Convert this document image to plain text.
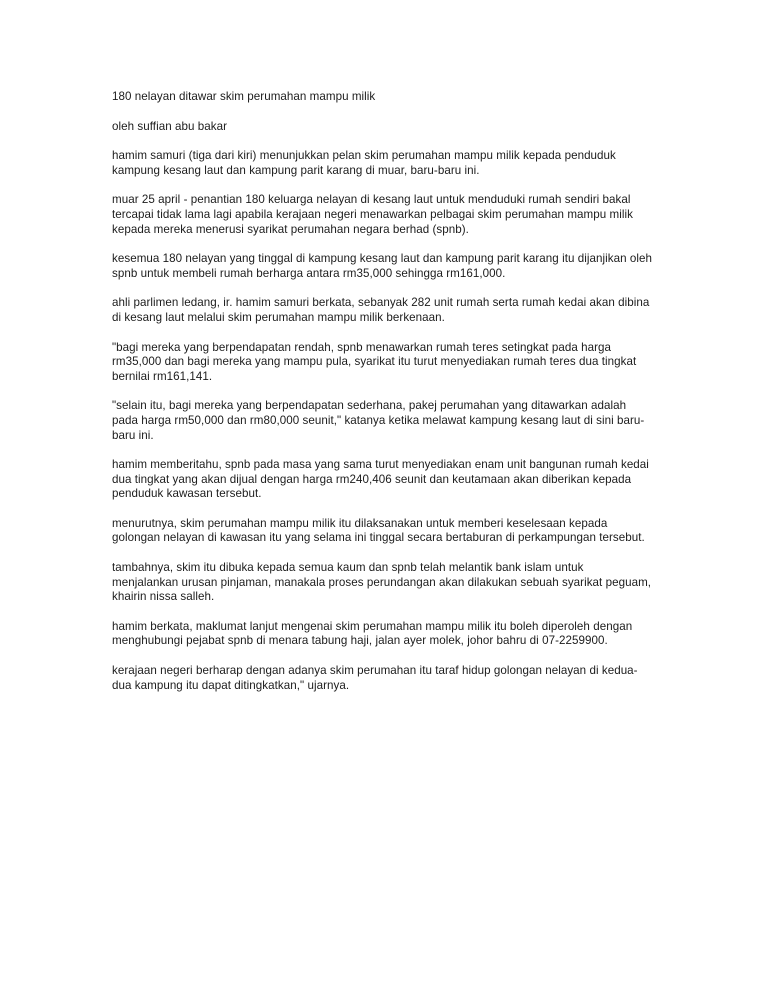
180 nelayan ditawar skim perumahan mampu milik

oleh suffian abu bakar

hamim samuri (tiga dari kiri) menunjukkan pelan skim perumahan mampu milik kepada penduduk kampung kesang laut dan kampung parit karang di muar, baru-baru ini.

muar 25 april - penantian 180 keluarga nelayan di kesang laut untuk menduduki rumah sendiri bakal tercapai tidak lama lagi apabila kerajaan negeri menawarkan pelbagai skim perumahan mampu milik kepada mereka menerusi syarikat perumahan negara berhad (spnb).

kesemua 180 nelayan yang tinggal di kampung kesang laut dan kampung parit karang itu dijanjikan oleh spnb untuk membeli rumah berharga antara rm35,000 sehingga rm161,000.

ahli parlimen ledang, ir. hamim samuri berkata, sebanyak 282 unit rumah serta rumah kedai akan dibina di kesang laut melalui skim perumahan mampu milik berkenaan.

"bagi mereka yang berpendapatan rendah, spnb menawarkan rumah teres setingkat pada harga rm35,000 dan bagi mereka yang mampu pula, syarikat itu turut menyediakan rumah teres dua tingkat bernilai rm161,141.

"selain itu, bagi mereka yang berpendapatan sederhana, pakej perumahan yang ditawarkan adalah pada harga rm50,000 dan rm80,000 seunit," katanya ketika melawat kampung kesang laut di sini baru-baru ini.

hamim memberitahu, spnb pada masa yang sama turut menyediakan enam unit bangunan rumah kedai dua tingkat yang akan dijual dengan harga rm240,406 seunit dan keutamaan akan diberikan kepada penduduk kawasan tersebut.

menurutnya, skim perumahan mampu milik itu dilaksanakan untuk memberi keselesaan kepada golongan nelayan di kawasan itu yang selama ini tinggal secara bertaburan di perkampungan tersebut.

tambahnya, skim itu dibuka kepada semua kaum dan spnb telah melantik bank islam untuk menjalankan urusan pinjaman, manakala proses perundangan akan dilakukan sebuah syarikat peguam, khairin nissa salleh.

hamim berkata, maklumat lanjut mengenai skim perumahan mampu milik itu boleh diperoleh dengan menghubungi pejabat spnb di menara tabung haji, jalan ayer molek, johor bahru di 07-2259900.

kerajaan negeri berharap dengan adanya skim perumahan itu taraf hidup golongan nelayan di kedua-dua kampung itu dapat ditingkatkan," ujarnya.
